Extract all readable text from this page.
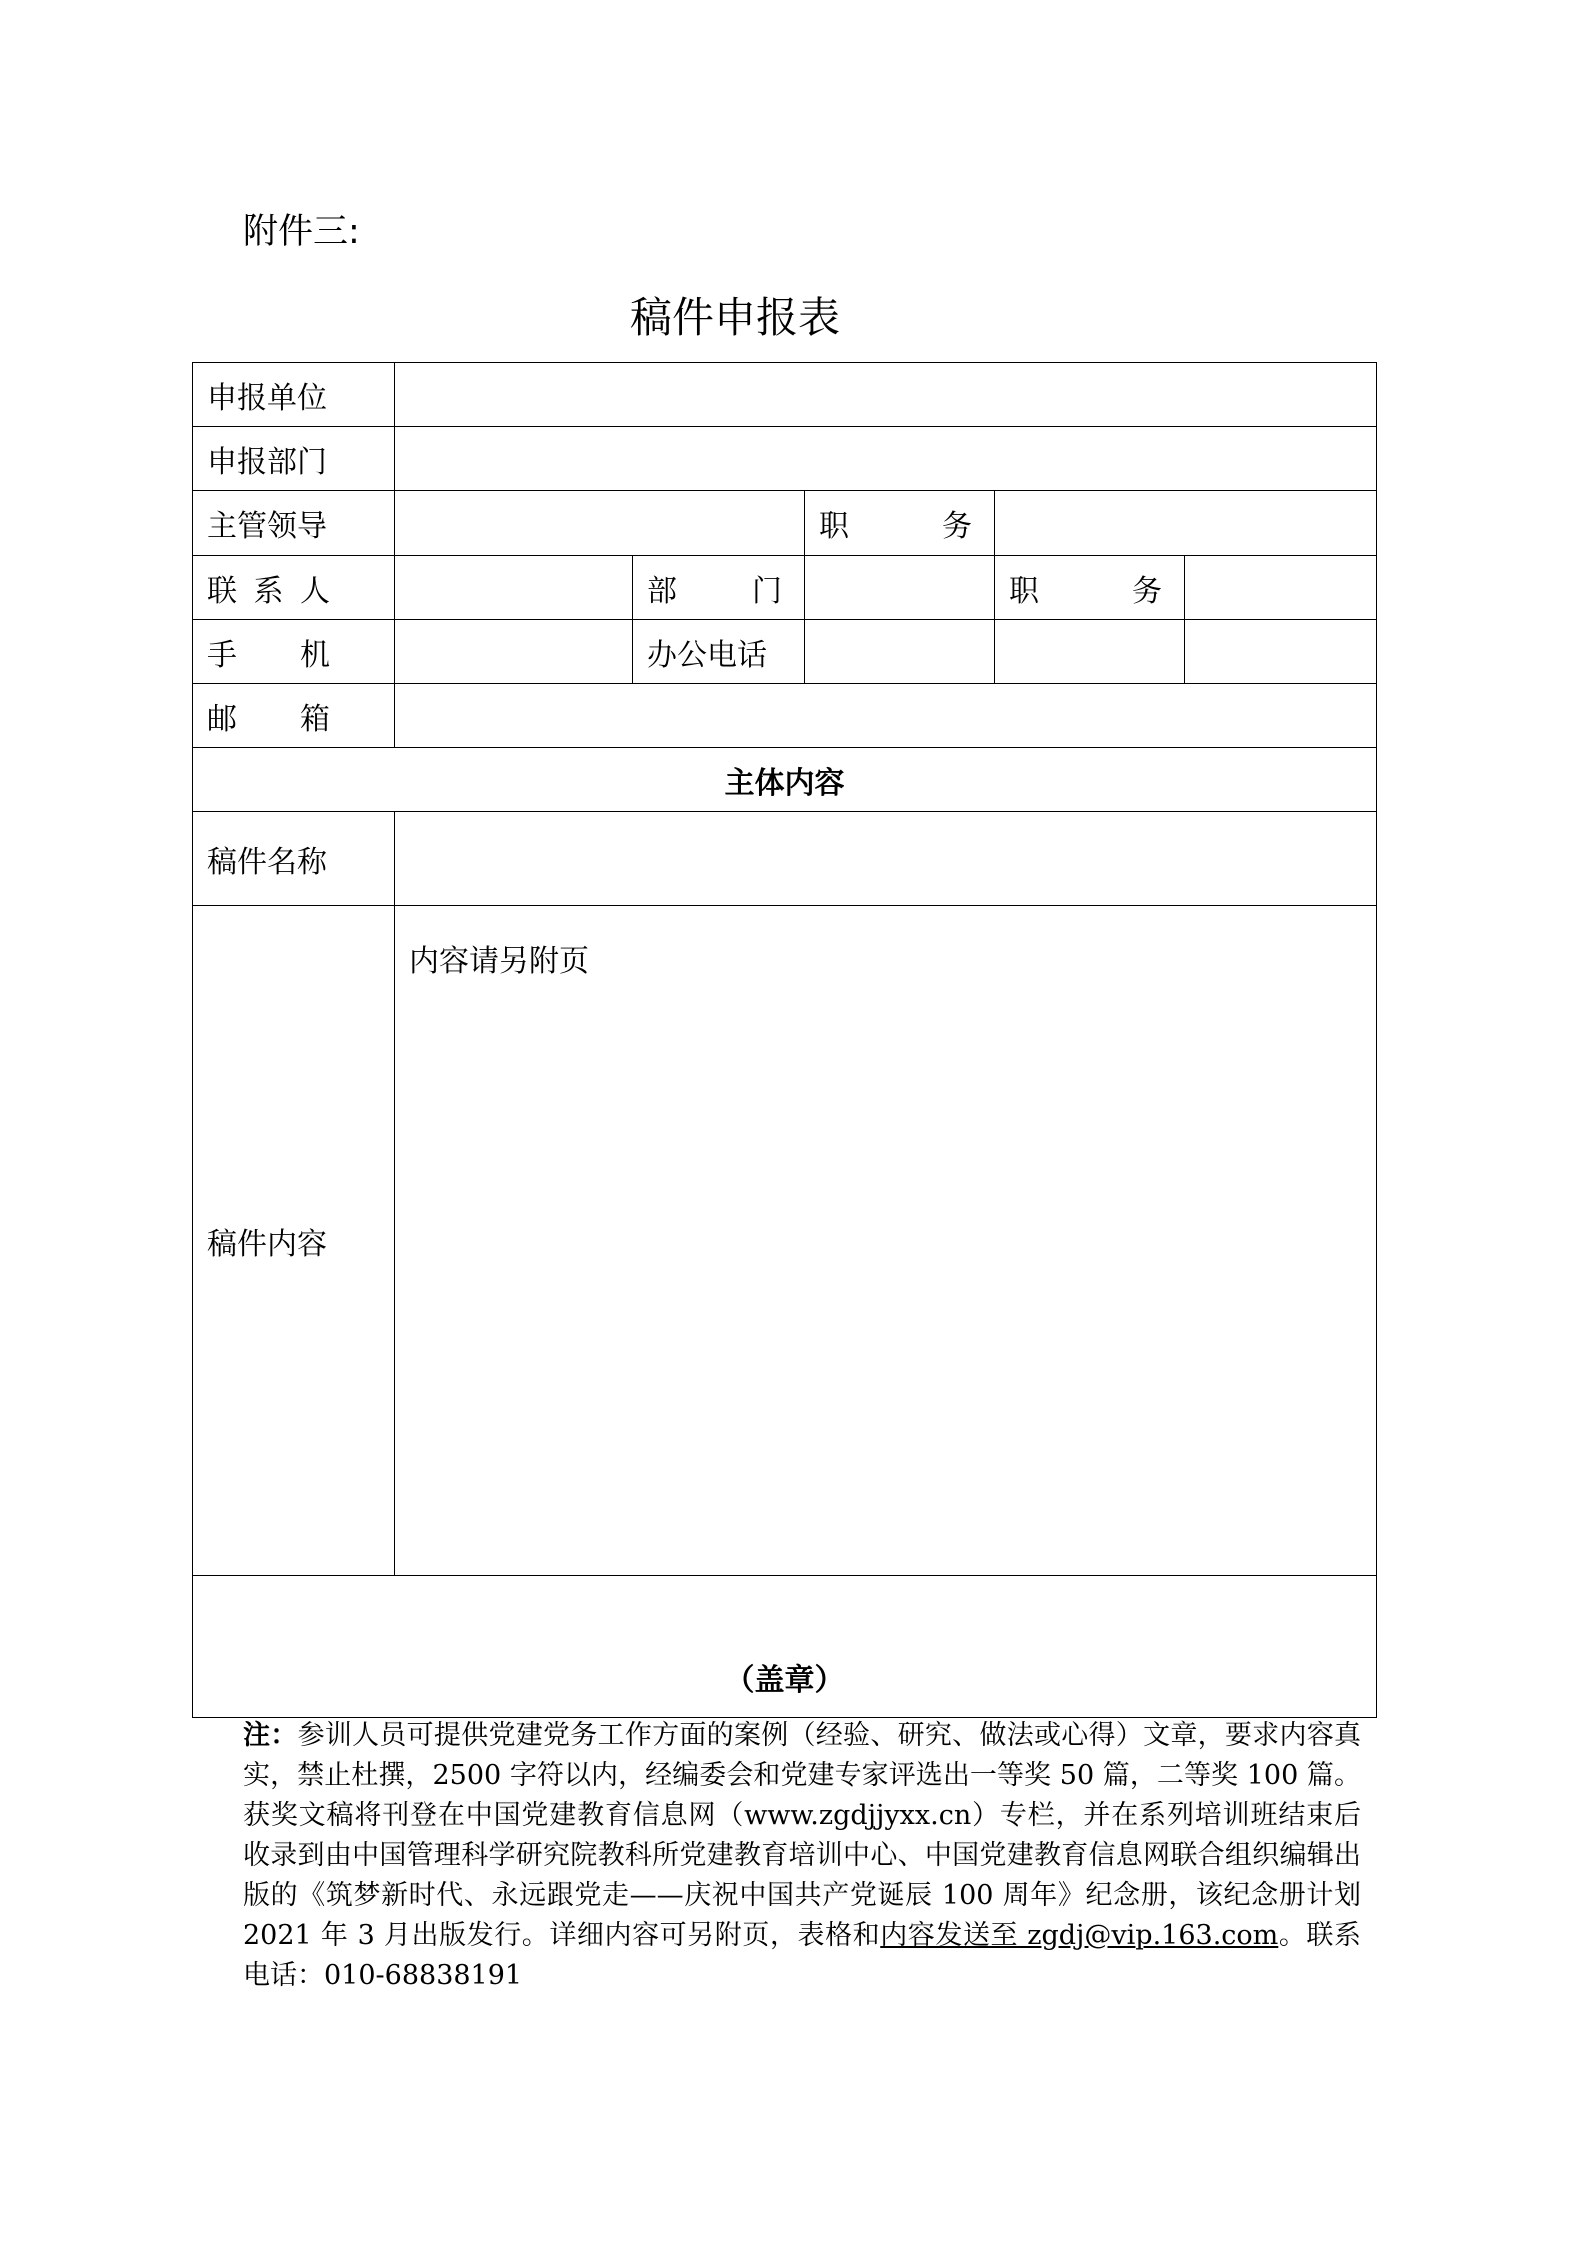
附件三:
稿件申报表
申报单位					
申报部门					
主管领导			职 务		

联 系 人		部 门		职 务	

手 机		办公电话			

邮 箱					

主体内容					
稿件名称					
稿件内容	内容请另附页				
（盖章）					
注：参训人员可提供党建党务工作方面的案例（经验、研究、做法或心得）文章，要求内容真实，禁止杜撰，2500 字符以内，经编委会和党建专家评选出一等奖 50 篇，二等奖 100 篇。获奖文稿将刊登在中国党建教育信息网（www.zgdjjyxx.cn）专栏，并在系列培训班结束后收录到由中国管理科学研究院教科所党建教育培训中心、中国党建教育信息网联合组织编辑出版的《筑梦新时代、永远跟党走——庆祝中国共产党诞辰 100 周年》纪念册，该纪念册计划 2021 年 3 月出版发行。详细内容可另附页，表格和内容发送至 zgdj@vip.163.com。联系电话：010-68838191
